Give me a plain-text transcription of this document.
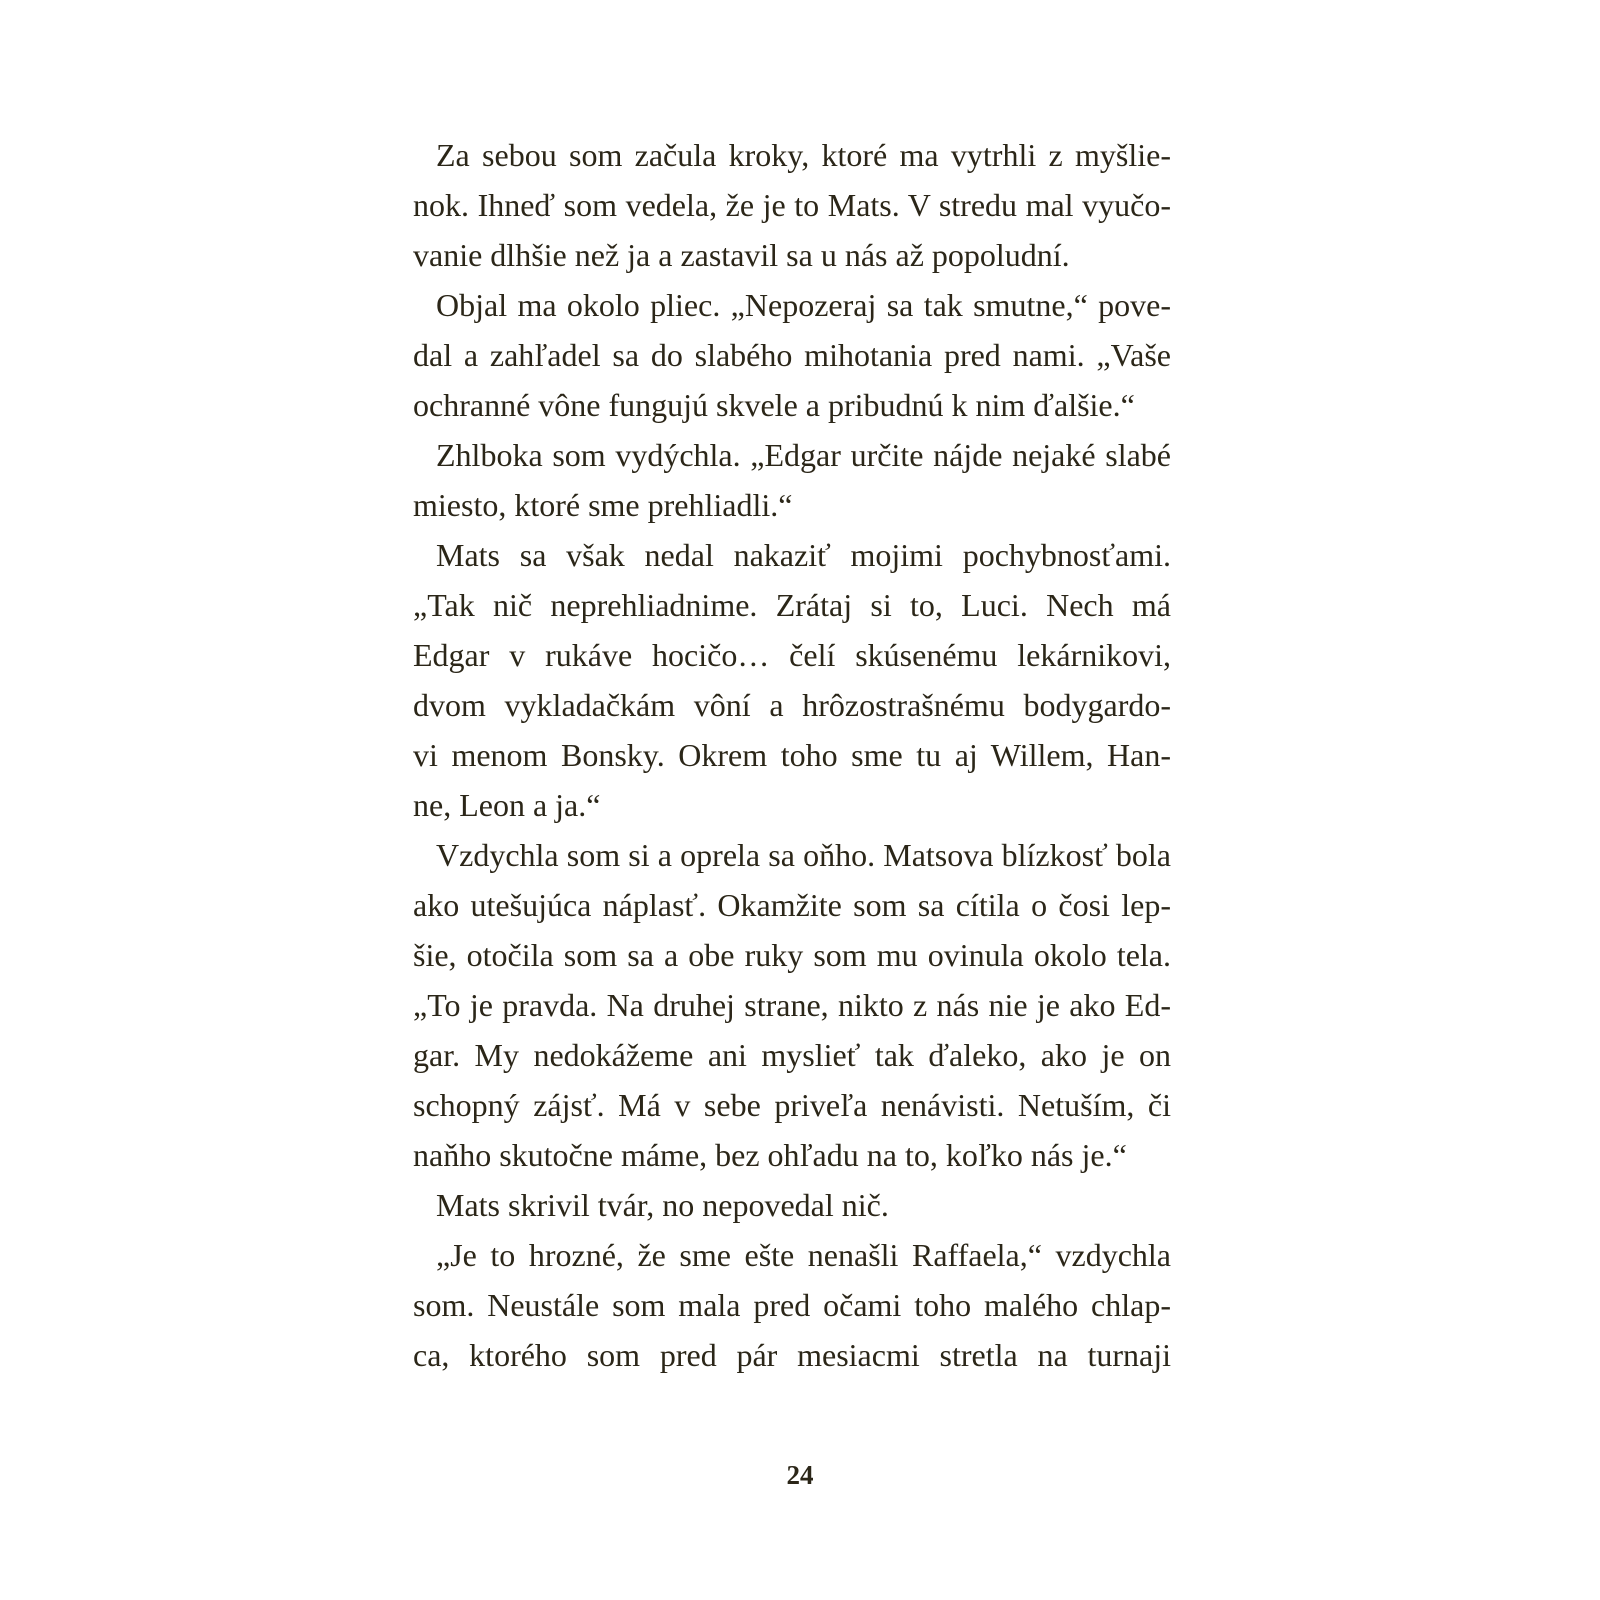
Za sebou som začula kroky, ktoré ma vytrhli z myšlie-
nok. Ihneď som vedela, že je to Mats. V stredu mal vyučo-
vanie dlhšie než ja a zastavil sa u nás až popoludní.
Objal ma okolo pliec. „Nepozeraj sa tak smutne,“ pove-
dal a zahľadel sa do slabého mihotania pred nami. „Vaše
ochranné vône fungujú skvele a pribudnú k nim ďalšie.“
Zhlboka som vydýchla. „Edgar určite nájde nejaké slabé
miesto, ktoré sme prehliadli.“
Mats sa však nedal nakaziť mojimi pochybnosťami.
„Tak nič neprehliadnime. Zrátaj si to, Luci. Nech má
Edgar v rukáve hocičo… čelí skúsenému lekárnikovi,
dvom vykladačkám vôní a hrôzostrašnému bodygardo-
vi menom Bonsky. Okrem toho sme tu aj Willem, Han-
ne, Leon a ja.“
Vzdychla som si a oprela sa oňho. Matsova blízkosť bola
ako utešujúca náplasť. Okamžite som sa cítila o čosi lep-
šie, otočila som sa a obe ruky som mu ovinula okolo tela.
„To je pravda. Na druhej strane, nikto z nás nie je ako Ed-
gar. My nedokážeme ani myslieť tak ďaleko, ako je on
schopný zájsť. Má v sebe priveľa nenávisti. Netuším, či
naňho skutočne máme, bez ohľadu na to, koľko nás je.“
Mats skrivil tvár, no nepovedal nič.
„Je to hrozné, že sme ešte nenašli Raffaela,“ vzdychla
som. Neustále som mala pred očami toho malého chlap-
ca, ktorého som pred pár mesiacmi stretla na turnaji
24
